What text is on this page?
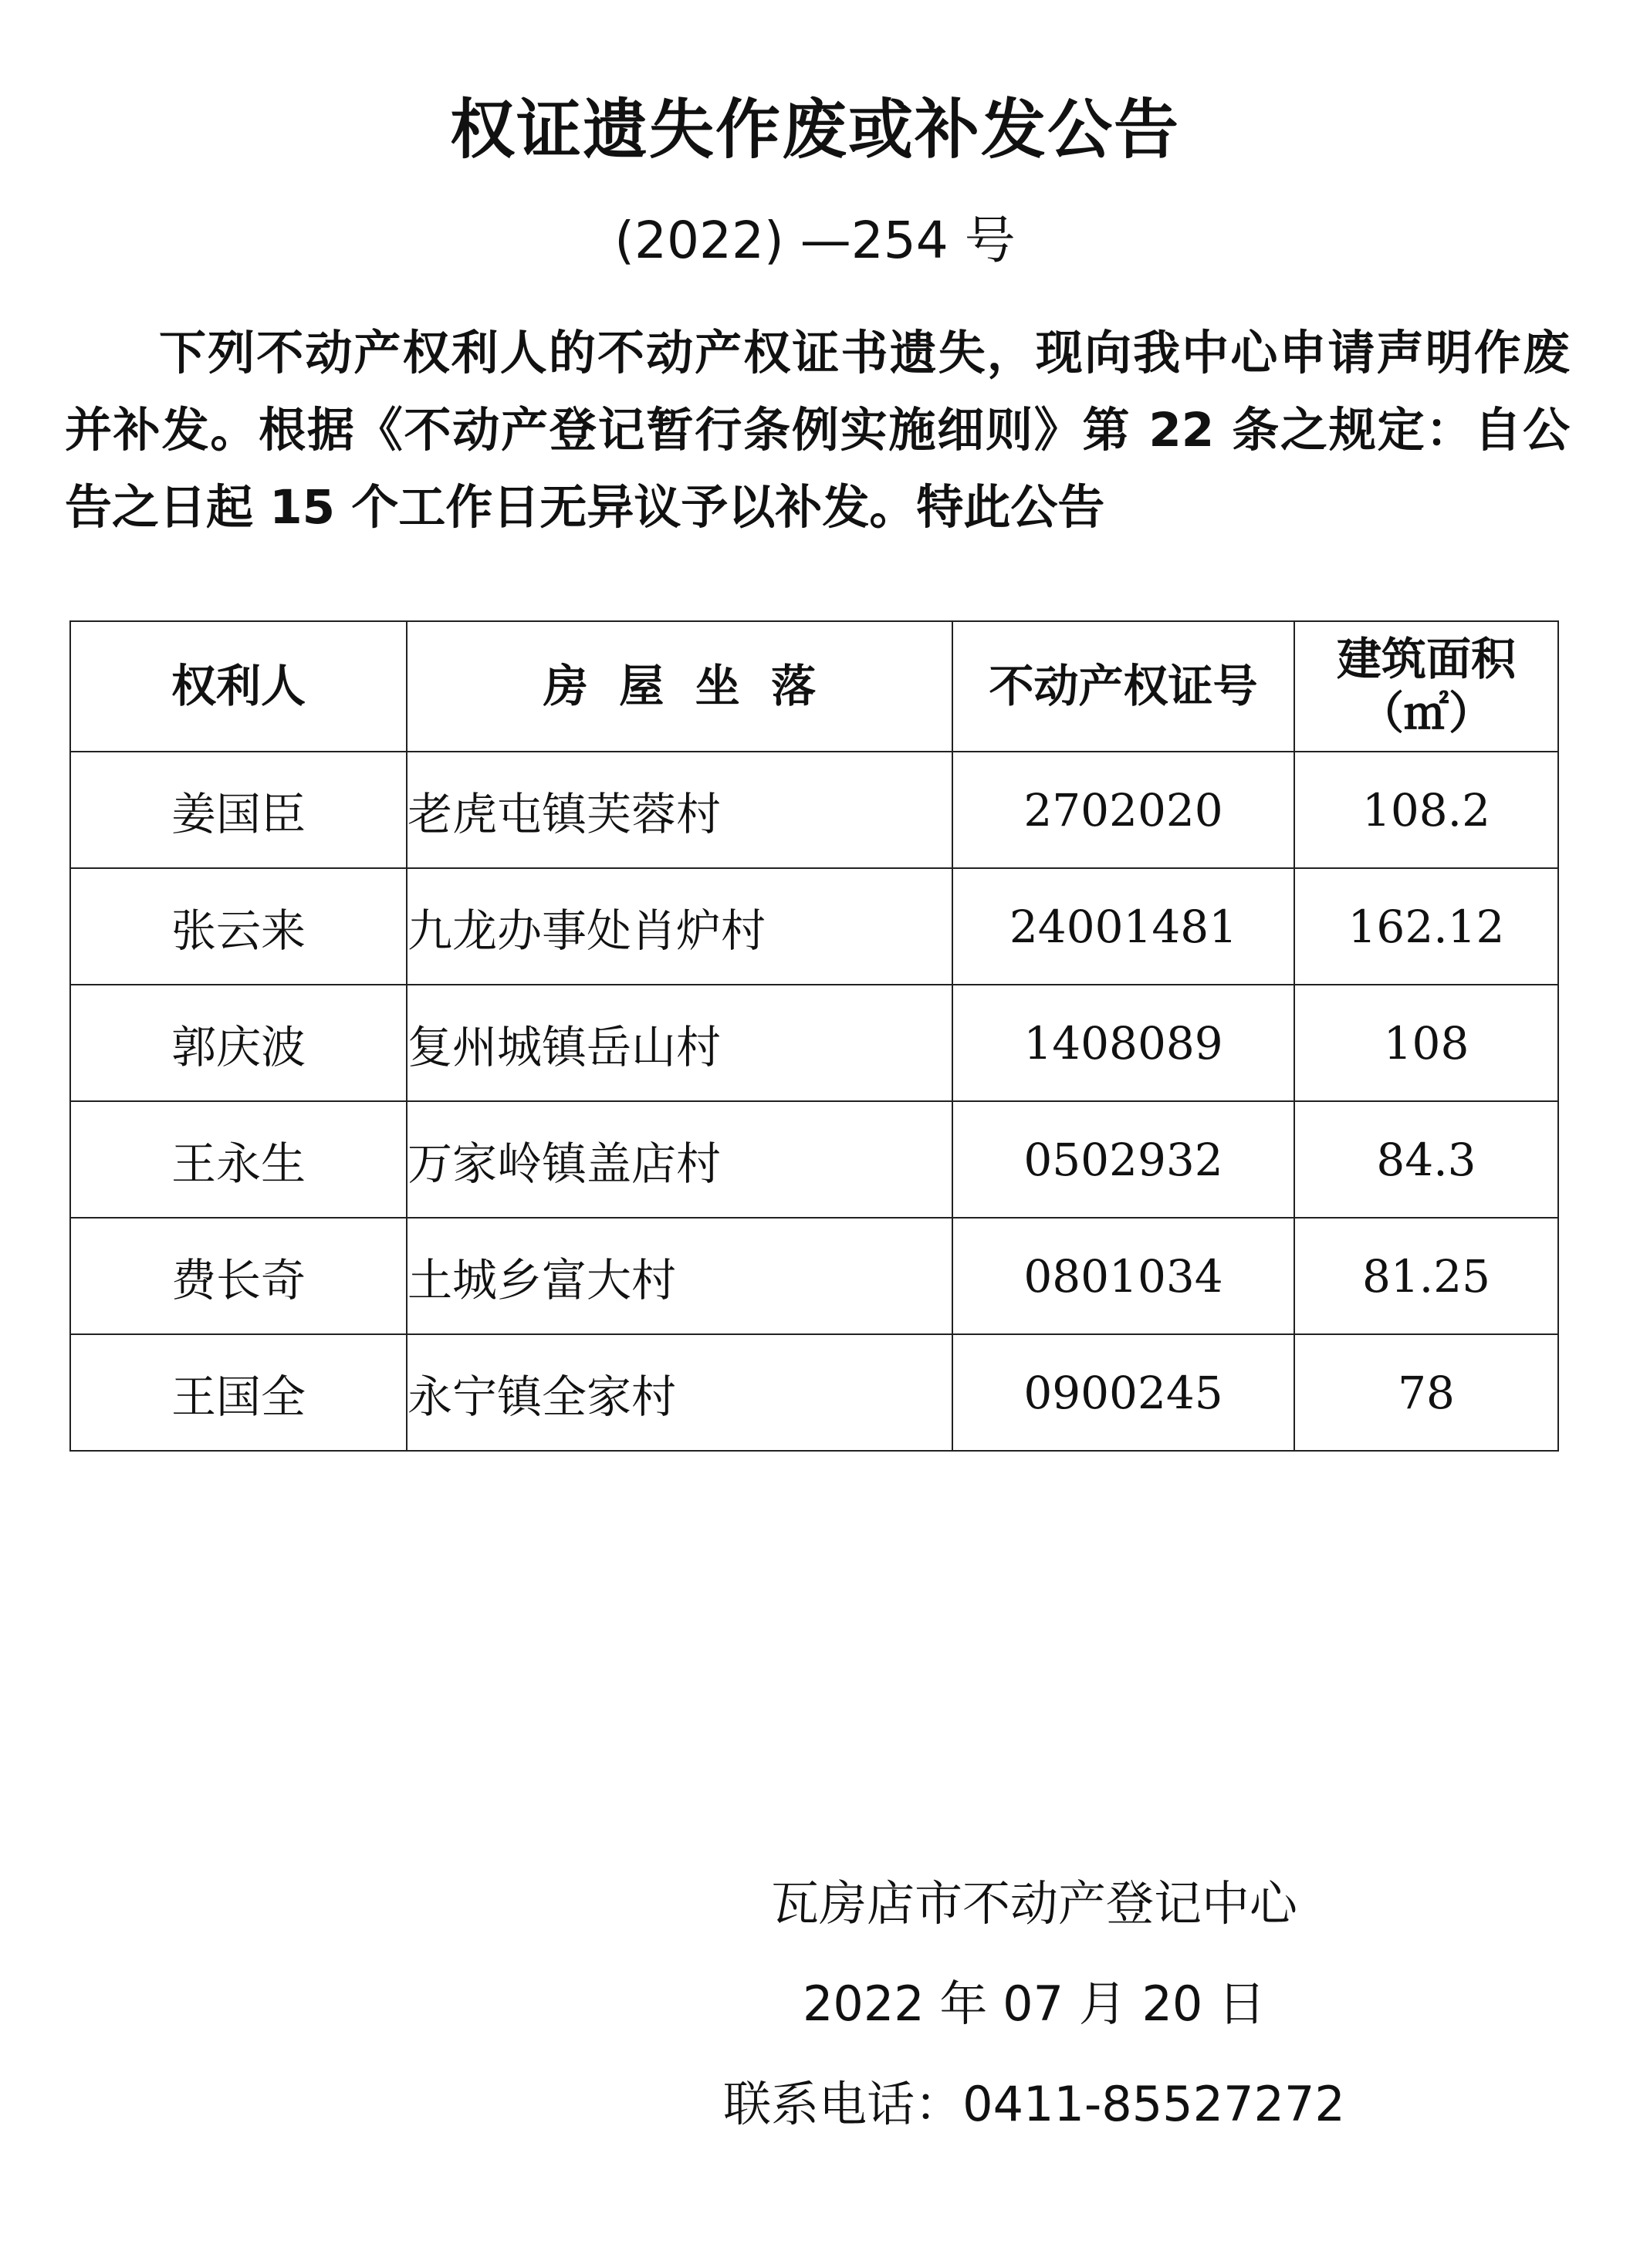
权证遗失作废或补发公告
(2022) —254 号
下列不动产权利人的不动产权证书遗失，现向我中心申请声明作废并补发。根据《不动产登记暂行条例实施细则》第 22 条之规定：自公告之日起 15 个工作日无异议予以补发。特此公告
权利人	房  屋  坐  落	不动产权证号	建筑面积
（㎡）

姜国臣	老虎屯镇芙蓉村	2702020	108.2
张云来	九龙办事处肖炉村	24001481	162.12
郭庆波	复州城镇岳山村	1408089	108
王永生	万家岭镇盖店村	0502932	84.3
费长奇	土城乡富大村	0801034	81.25
王国全	永宁镇全家村	0900245	78
瓦房店市不动产登记中心
2022 年 07 月 20 日
联系电话：0411-85527272
